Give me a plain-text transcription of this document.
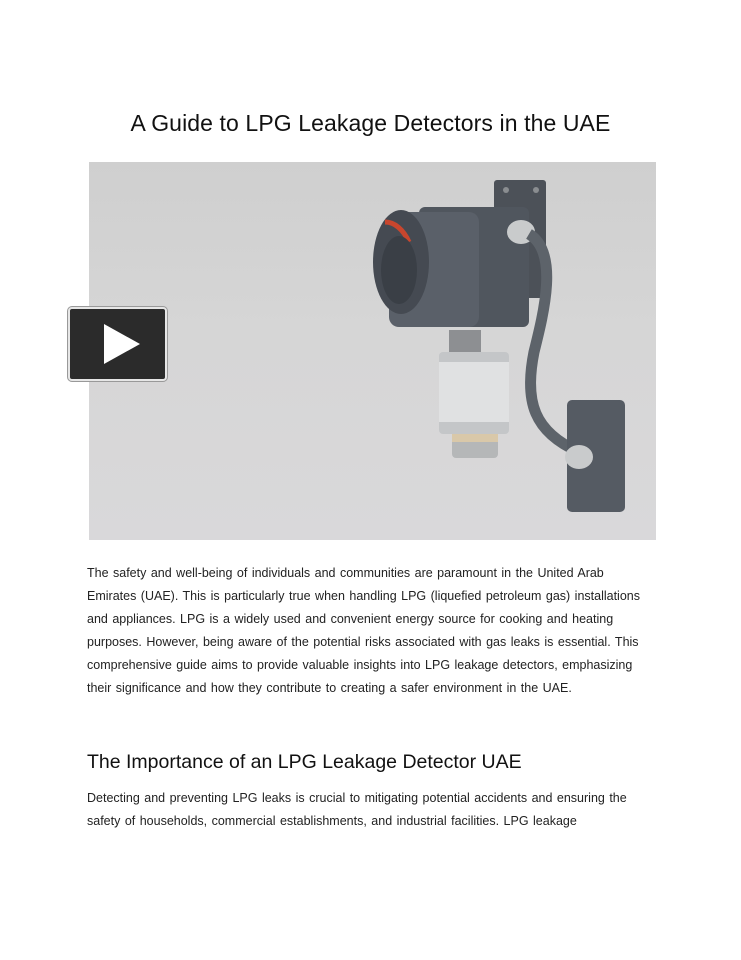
A Guide to LPG Leakage Detectors in the UAE
The safety and well-being of individuals and communities are paramount in the United Arab Emirates (UAE). This is particularly true when handling LPG (liquefied petroleum gas) installations and appliances. LPG is a widely used and convenient energy source for cooking and heating purposes. However, being aware of the potential risks associated with gas leaks is essential. This comprehensive guide aims to provide valuable insights into LPG leakage detectors, emphasizing their significance and how they contribute to creating a safer environment in the UAE.
The Importance of an LPG Leakage Detector UAE
Detecting and preventing LPG leaks is crucial to mitigating potential accidents and ensuring the safety of households, commercial establishments, and industrial facilities. LPG leakage
